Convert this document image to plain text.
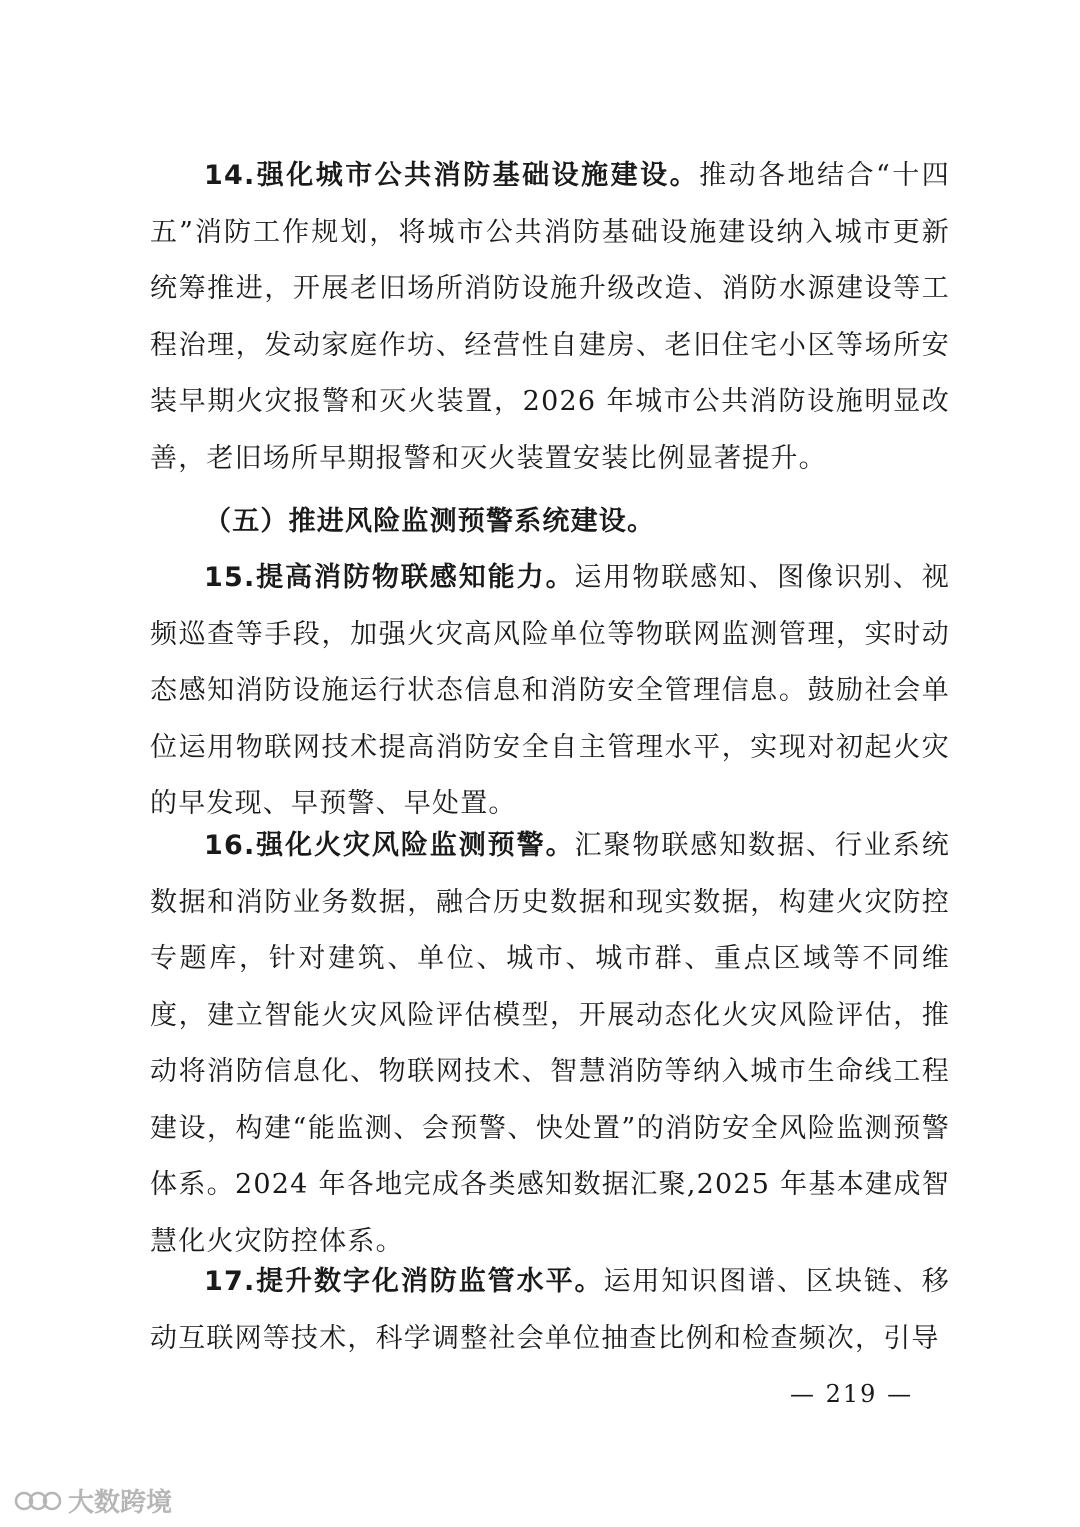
14.强化城市公共消防基础设施建设。推动各地结合“十四五”消防工作规划，将城市公共消防基础设施建设纳入城市更新统筹推进，开展老旧场所消防设施升级改造、消防水源建设等工程治理，发动家庭作坊、经营性自建房、老旧住宅小区等场所安装早期火灾报警和灭火装置，2026 年城市公共消防设施明显改善，老旧场所早期报警和灭火装置安装比例显著提升。

（五）推进风险监测预警系统建设。

15.提高消防物联感知能力。运用物联感知、图像识别、视频巡查等手段，加强火灾高风险单位等物联网监测管理，实时动态感知消防设施运行状态信息和消防安全管理信息。鼓励社会单位运用物联网技术提高消防安全自主管理水平，实现对初起火灾的早发现、早预警、早处置。

16.强化火灾风险监测预警。汇聚物联感知数据、行业系统数据和消防业务数据，融合历史数据和现实数据，构建火灾防控专题库，针对建筑、单位、城市、城市群、重点区域等不同维度，建立智能火灾风险评估模型，开展动态化火灾风险评估，推动将消防信息化、物联网技术、智慧消防等纳入城市生命线工程建设，构建“能监测、会预警、快处置”的消防安全风险监测预警体系。2024 年各地完成各类感知数据汇聚,2025 年基本建成智慧化火灾防控体系。

17.提升数字化消防监管水平。运用知识图谱、区块链、移动互联网等技术，科学调整社会单位抽查比例和检查频次，引导

— 219 —
大数跨境
